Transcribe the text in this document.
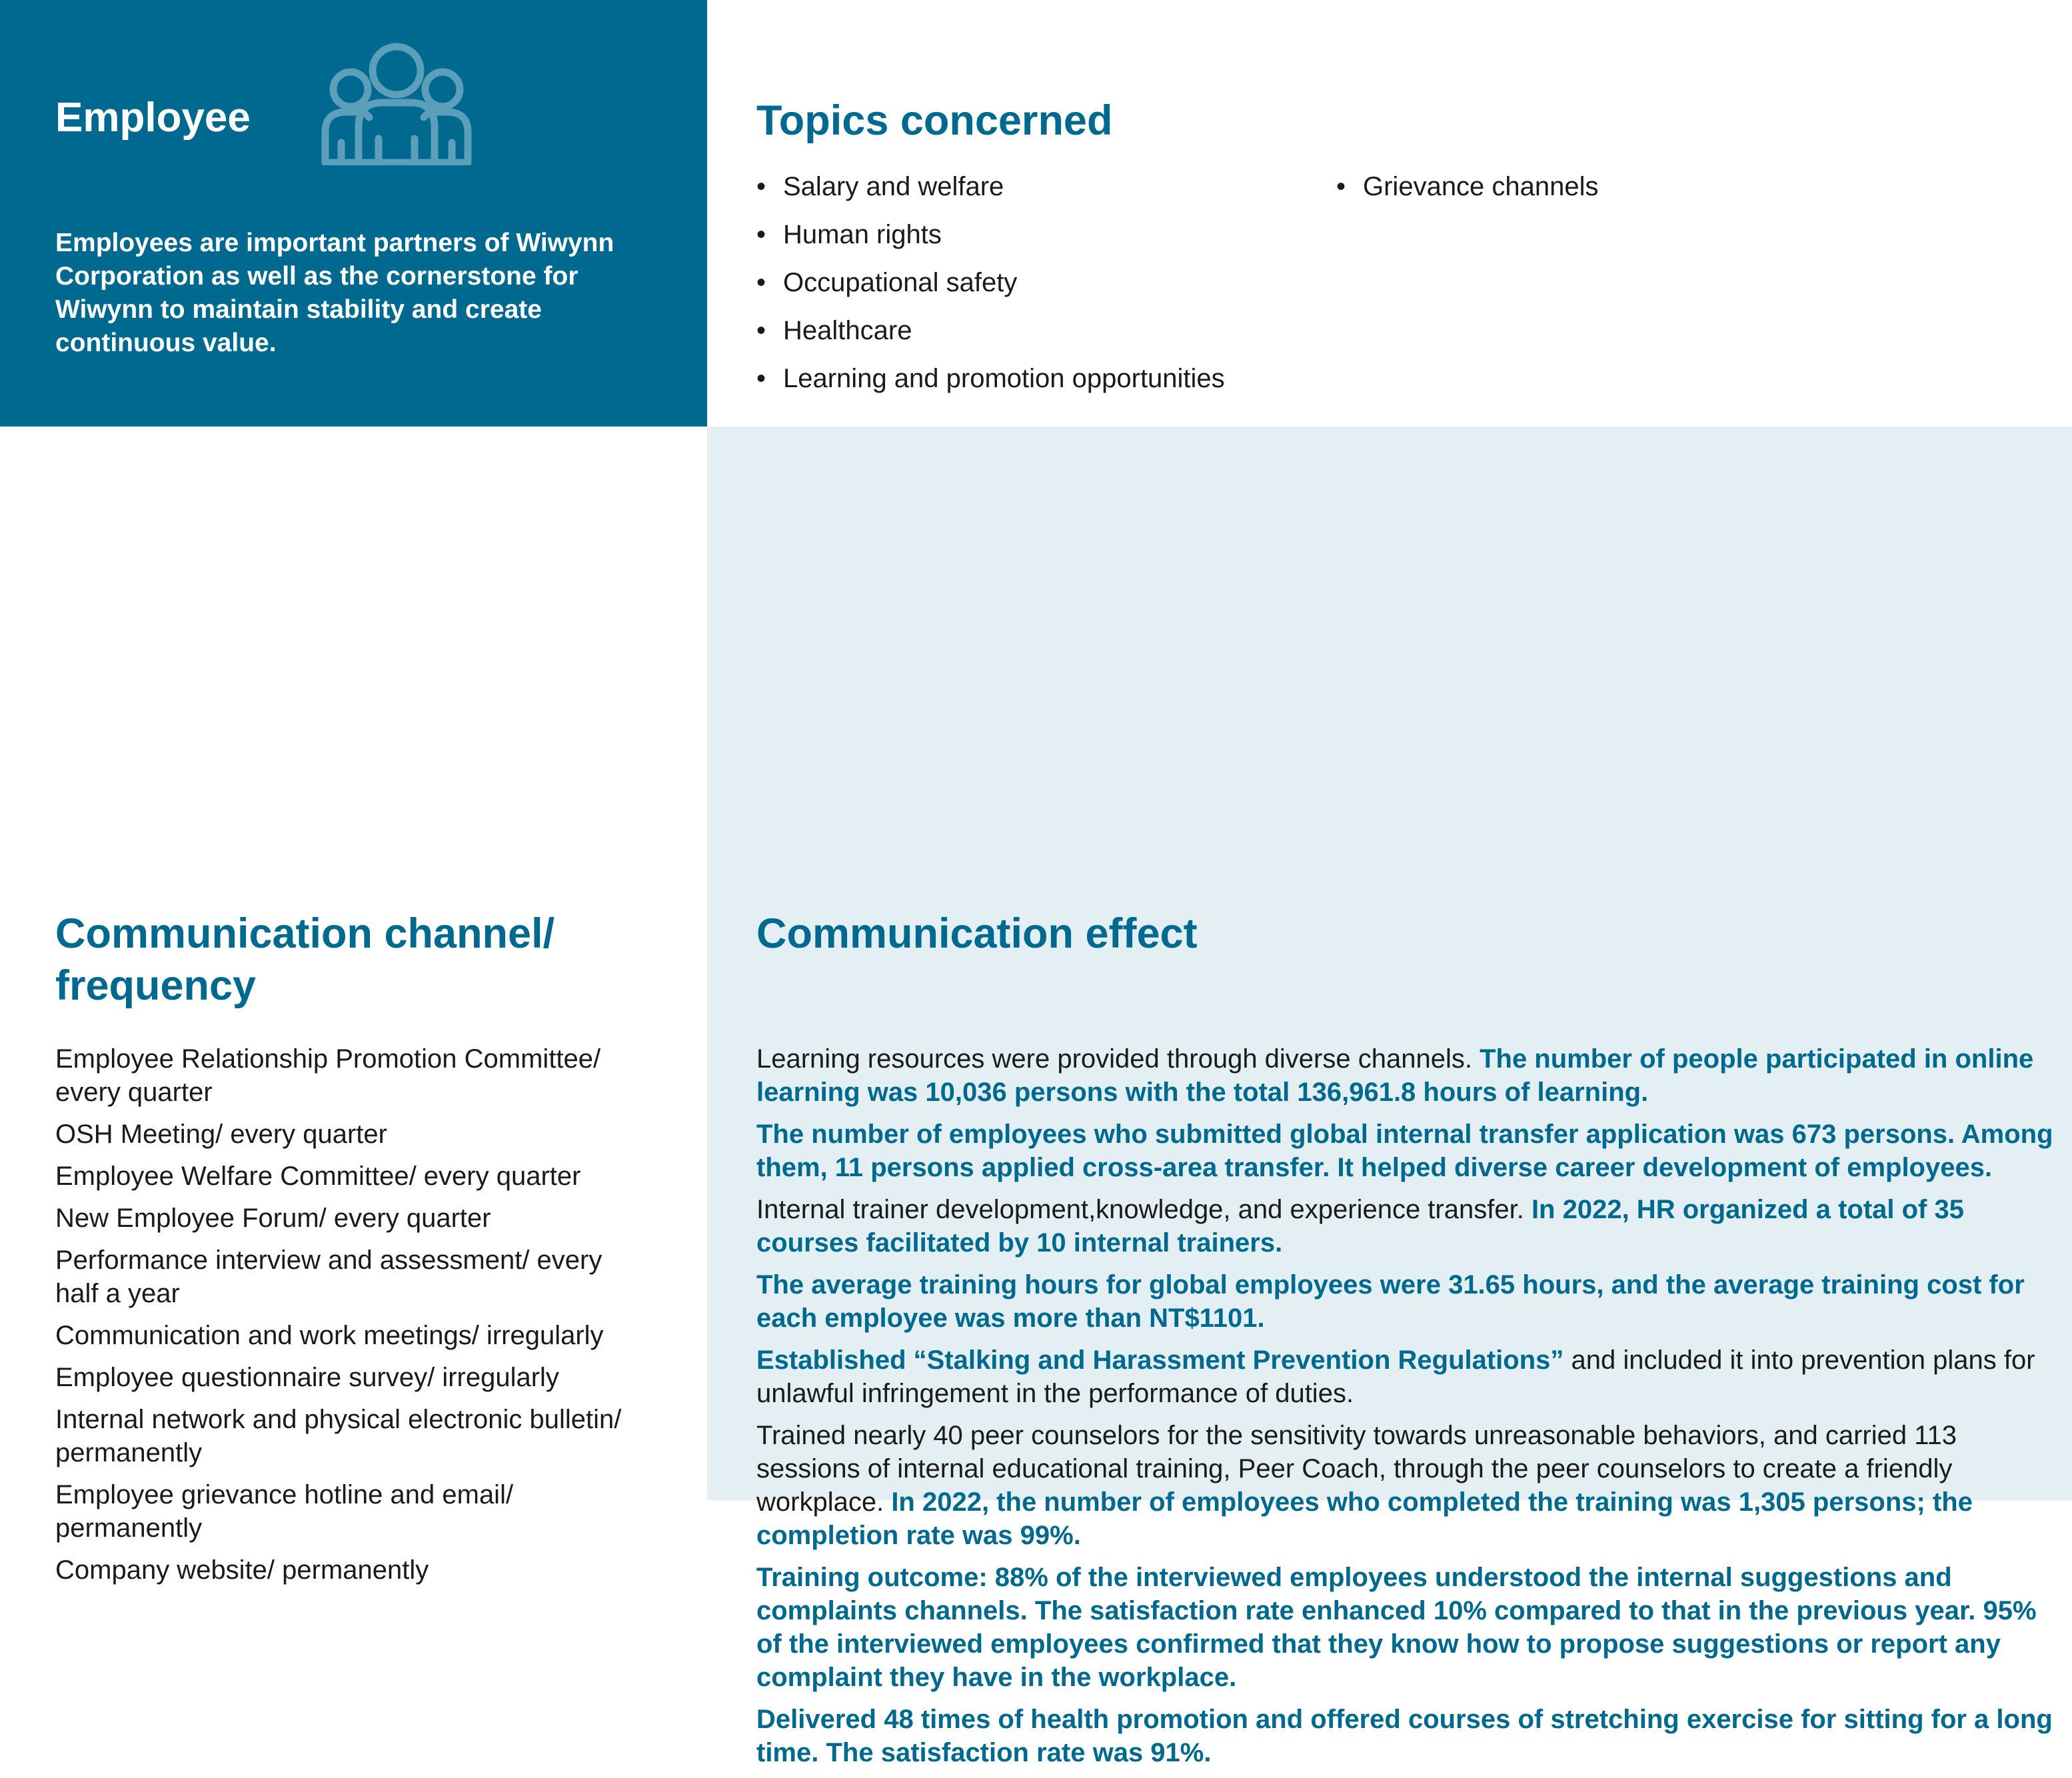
Employee

Employees are important partners of Wiwynn Corporation as well as the cornerstone for Wiwynn to maintain stability and create continuous value.

Topics concerned
• Salary and welfare
• Human rights
• Occupational safety
• Healthcare
• Learning and promotion opportunities
• Grievance channels
Communication channel/ frequency
Employee Relationship Promotion Committee/ every quarter
OSH Meeting/ every quarter
Employee Welfare Committee/ every quarter
New Employee Forum/ every quarter
Performance interview and assessment/ every half a year
Communication and work meetings/ irregularly
Employee questionnaire survey/ irregularly
Internal network and physical electronic bulletin/ permanently
Employee grievance hotline and email/ permanently
Company website/ permanently
Communication effect
Learning resources were provided through diverse channels. The number of people participated in online learning was 10,036 persons with the total 136,961.8 hours of learning.
The number of employees who submitted global internal transfer application was 673 persons. Among them, 11 persons applied cross-area transfer. It helped diverse career development of employees.
Internal trainer development,knowledge, and experience transfer. In 2022, HR organized a total of 35 courses facilitated by 10 internal trainers.
The average training hours for global employees were 31.65 hours, and the average training cost for each employee was more than NT$1101.
Established “Stalking and Harassment Prevention Regulations” and included it into prevention plans for unlawful infringement in the performance of duties.
Trained nearly 40 peer counselors for the sensitivity towards unreasonable behaviors, and carried 113 sessions of internal educational training, Peer Coach, through the peer counselors to create a friendly workplace. In 2022, the number of employees who completed the training was 1,305 persons; the completion rate was 99%.
Training outcome: 88% of the interviewed employees understood the internal suggestions and complaints channels. The satisfaction rate enhanced 10% compared to that in the previous year. 95% of the interviewed employees confirmed that they know how to propose suggestions or report any complaint they have in the workplace.
Delivered 48 times of health promotion and offered courses of stretching exercise for sitting for a long time. The satisfaction rate was 91%.
